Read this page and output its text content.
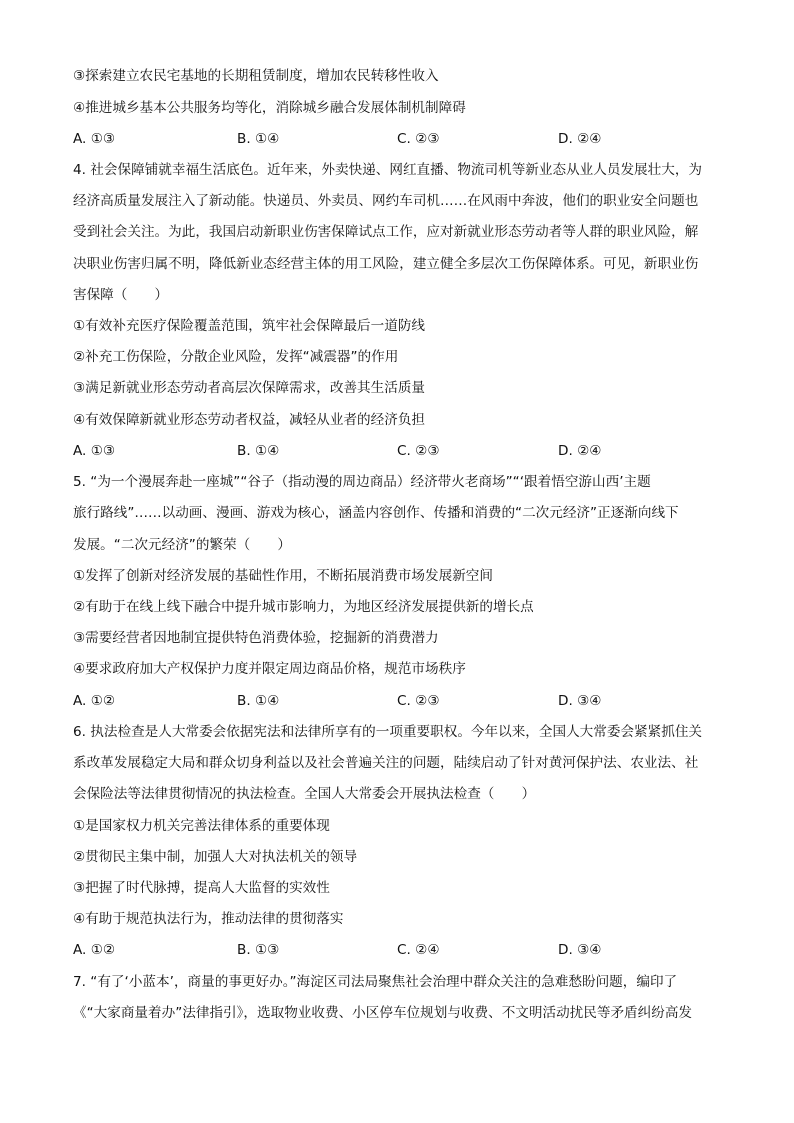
③探索建立农民宅基地的长期租赁制度，增加农民转移性收入
④推进城乡基本公共服务均等化，消除城乡融合发展体制机制障碍
A. ①③	B. ①④	C. ②③	D. ②④
4. 社会保障铺就幸福生活底色。近年来，外卖快递、网红直播、物流司机等新业态从业人员发展壮大，为
经济高质量发展注入了新动能。快递员、外卖员、网约车司机……在风雨中奔波，他们的职业安全问题也
受到社会关注。为此，我国启动新职业伤害保障试点工作，应对新就业形态劳动者等人群的职业风险，解
决职业伤害归属不明，降低新业态经营主体的用工风险，建立健全多层次工伤保障体系。可见，新职业伤
害保障（　　）
①有效补充医疗保险覆盖范围，筑牢社会保障最后一道防线
②补充工伤保险，分散企业风险，发挥“减震器”的作用
③满足新就业形态劳动者高层次保障需求，改善其生活质量
④有效保障新就业形态劳动者权益，减轻从业者的经济负担
A. ①③	B. ①④	C. ②③	D. ②④
5. “为一个漫展奔赴一座城”“谷子（指动漫的周边商品）经济带火老商场”“‘跟着悟空游山西’主题
旅行路线”……以动画、漫画、游戏为核心，涵盖内容创作、传播和消费的“二次元经济”正逐渐向线下
发展。“二次元经济”的繁荣（　　）
①发挥了创新对经济发展的基础性作用，不断拓展消费市场发展新空间
②有助于在线上线下融合中提升城市影响力，为地区经济发展提供新的增长点
③需要经营者因地制宜提供特色消费体验，挖掘新的消费潜力
④要求政府加大产权保护力度并限定周边商品价格，规范市场秩序
A. ①②	B. ①④	C. ②③	D. ③④
6. 执法检查是人大常委会依据宪法和法律所享有的一项重要职权。今年以来，全国人大常委会紧紧抓住关
系改革发展稳定大局和群众切身利益以及社会普遍关注的问题，陆续启动了针对黄河保护法、农业法、社
会保险法等法律贯彻情况的执法检查。全国人大常委会开展执法检查（　　）
①是国家权力机关完善法律体系的重要体现
②贯彻民主集中制，加强人大对执法机关的领导
③把握了时代脉搏，提高人大监督的实效性
④有助于规范执法行为，推动法律的贯彻落实
A. ①②	B. ①③	C. ②④	D. ③④
7. “有了‘小蓝本’，商量的事更好办。”海淀区司法局聚焦社会治理中群众关注的急难愁盼问题，编印了
《“大家商量着办”法律指引》，选取物业收费、小区停车位规划与收费、不文明活动扰民等矛盾纠纷高发
